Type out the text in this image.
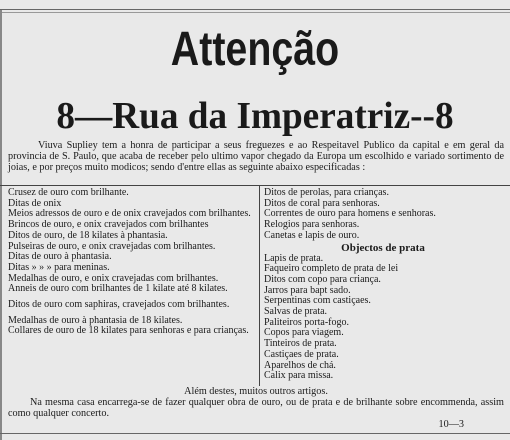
Attenção
8—Rua da Imperatriz--8
Viuva Supliey tem a honra de participar a seus freguezes e ao Respeitavel Publico da capital e em geral da provincia de S. Paulo, que acaba de receber pelo ultimo vapor chegado da Europa um escolhido e variado sortimento de joias, e por preços muito modicos; sendo d'entre ellas as seguinte abaixo especificadas :
Crusez de ouro com brilhante.
Ditas de onix
Meios adressos de ouro e de onix cravejados com brilhantes.
Brincos de ouro, e onix cravejados com brilhantes
Ditos de ouro, de 18 kilates à phantasia.
Pulseiras de ouro, e onix cravejadas com brilhantes.
Ditas de ouro à phantasia.
Ditas » » » para meninas.
Medalhas de ouro, e onix cravejadas com brilhantes.
Anneis de ouro com brilhantes de 1 kilate até 8 kilates.
Ditos de ouro com saphiras, cravejados com brilhantes.
Medalhas de ouro à phantasia de 18 kilates.
Collares de ouro de 18 kilates para senhoras e para crianças.
Ditos de perolas, para crianças.
Ditos de coral para senhoras.
Correntes de ouro para homens e senhoras.
Relogios para senhoras.
Canetas e lapis de ouro.
Objectos de prata
Lapis de prata.
Faqueiro completo de prata de lei
Ditos com copo para criança.
Jarros para bapt sado.
Serpentinas com castiçaes.
Salvas de prata.
Paliteiros porta-fogo.
Copos para viagem.
Tinteiros de prata.
Castiçaes de prata.
Aparelhos de chá.
Calix para missa.
Além destes, muitos outros artigos.
Na mesma casa encarrega-se de fazer qualquer obra de ouro, ou de prata e de brilhante sobre encommenda, assim como qualquer concerto.
10—3
